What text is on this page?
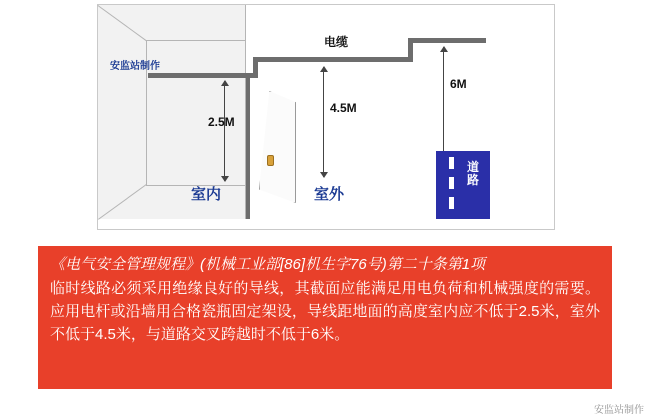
安监站制作
电缆
室内	室外
2.5M
4.5M
6M
道路

《电气安全管理规程》(机械工业部[86]机生字76号)第二十条第1项

临时线路必须采用绝缘良好的导线，其截面应能满足用电负荷和机械强度的需要。应用电杆或沿墙用合格瓷瓶固定架设，导线距地面的高度室内应不低于2.5米，室外不低于4.5米，与道路交叉跨越时不低于6米。

安监站制作
